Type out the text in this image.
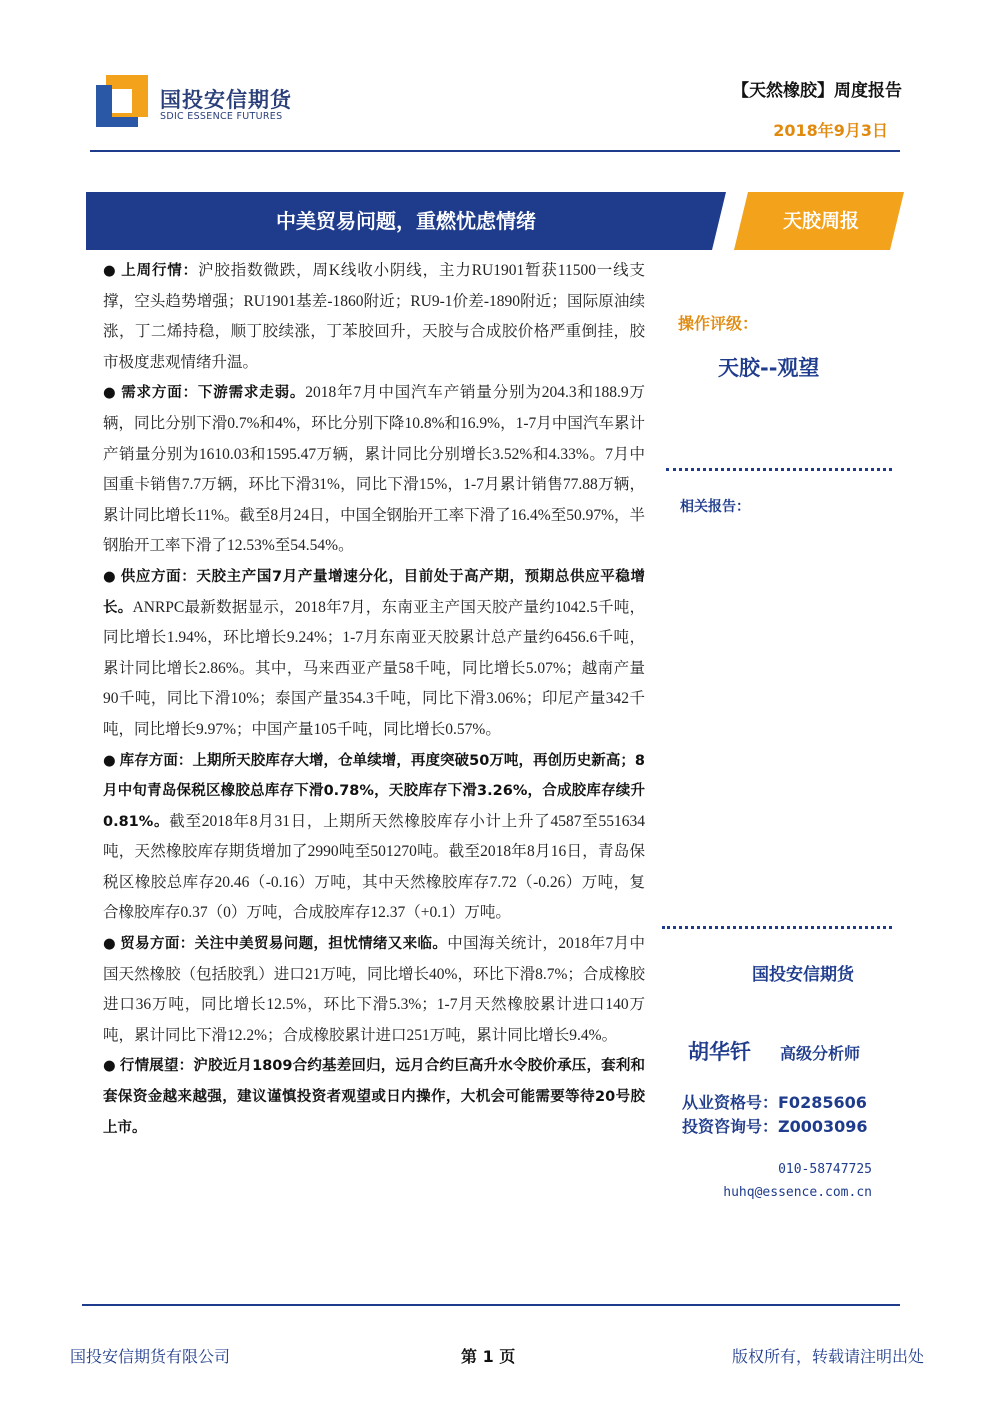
国投安信期货
SDIC ESSENCE FUTURES
【天然橡胶】周度报告
2018年9月3日
中美贸易问题，重燃忧虑情绪	天胶周报

● 上周行情：沪胶指数微跌，周K线收小阴线，主力RU1901暂获11500一线支撑，空头趋势增强；RU1901基差-1860附近；RU9-1价差-1890附近；国际原油续涨，丁二烯持稳，顺丁胶续涨，丁苯胶回升，天胶与合成胶价格严重倒挂，胶市极度悲观情绪升温。

● 需求方面：下游需求走弱。2018年7月中国汽车产销量分别为204.3和188.9万辆，同比分别下滑0.7%和4%，环比分别下降10.8%和16.9%，1-7月中国汽车累计产销量分别为1610.03和1595.47万辆，累计同比分别增长3.52%和4.33%。7月中国重卡销售7.7万辆，环比下滑31%，同比下滑15%，1-7月累计销售77.88万辆，累计同比增长11%。截至8月24日，中国全钢胎开工率下滑了16.4%至50.97%，半钢胎开工率下滑了12.53%至54.54%。

● 供应方面：天胶主产国7月产量增速分化，目前处于高产期，预期总供应平稳增长。ANRPC最新数据显示，2018年7月，东南亚主产国天胶产量约1042.5千吨，同比增长1.94%，环比增长9.24%；1-7月东南亚天胶累计总产量约6456.6千吨，累计同比增长2.86%。其中，马来西亚产量58千吨，同比增长5.07%；越南产量90千吨，同比下滑10%；泰国产量354.3千吨，同比下滑3.06%；印尼产量342千吨，同比增长9.97%；中国产量105千吨，同比增长0.57%。

● 库存方面：上期所天胶库存大增，仓单续增，再度突破50万吨，再创历史新高；8月中旬青岛保税区橡胶总库存下滑0.78%，天胶库存下滑3.26%，合成胶库存续升0.81%。截至2018年8月31日，上期所天然橡胶库存小计上升了4587至551634吨，天然橡胶库存期货增加了2990吨至501270吨。截至2018年8月16日，青岛保税区橡胶总库存20.46（-0.16）万吨，其中天然橡胶库存7.72（-0.26）万吨，复合橡胶库存0.37（0）万吨，合成胶库存12.37（+0.1）万吨。

● 贸易方面：关注中美贸易问题，担忧情绪又来临。中国海关统计，2018年7月中国天然橡胶（包括胶乳）进口21万吨，同比增长40%，环比下滑8.7%；合成橡胶进口36万吨，同比增长12.5%，环比下滑5.3%；1-7月天然橡胶累计进口140万吨，累计同比下滑12.2%；合成橡胶累计进口251万吨，累计同比增长9.4%。

● 行情展望：沪胶近月1809合约基差回归，远月合约巨高升水令胶价承压，套利和套保资金越来越强，建议谨慎投资者观望或日内操作，大机会可能需要等待20号胶上市。

操作评级：
天胶--观望
相关报告：
国投安信期货
胡华钎 高级分析师
从业资格号：F0285606
投资咨询号：Z0003096
010-58747725
huhq@essence.com.cn
国投安信期货有限公司	第 1 页	版权所有，转载请注明出处
